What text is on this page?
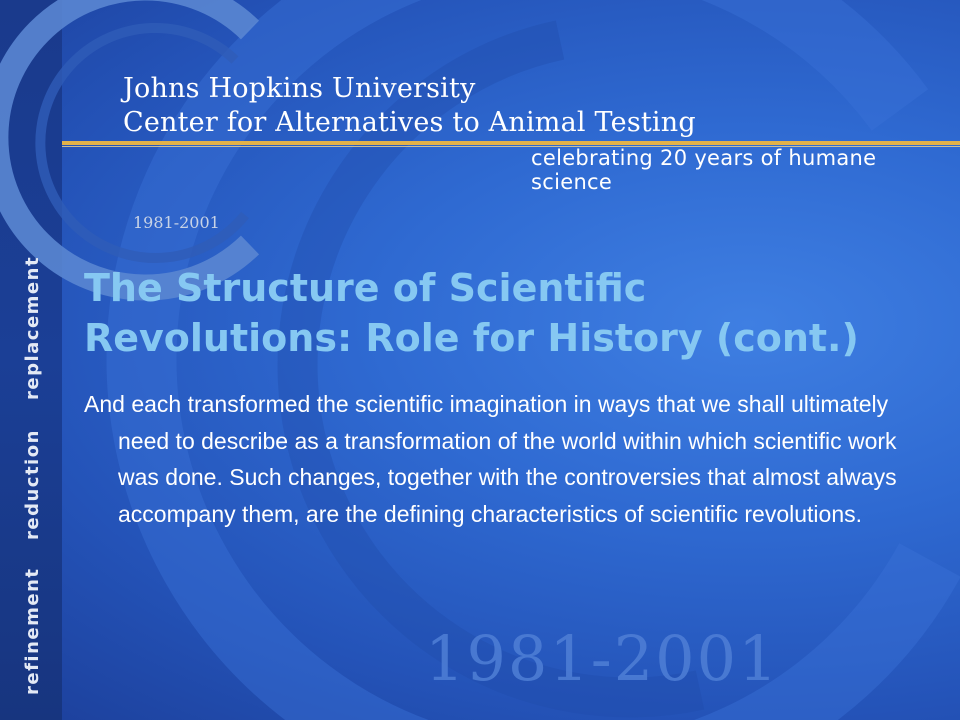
Johns Hopkins University
Center for Alternatives to Animal Testing
celebrating 20 years of humane science
1981-2001
1981-2001
replacement
reduction
refinement
The Structure of Scientific
Revolutions: Role for History (cont.)
And each transformed the scientific imagination in ways that we shall ultimately need to describe as a transformation of the world within which scientific work was done. Such changes, together with the controversies that almost always accompany them, are the defining characteristics of scientific revolutions.
